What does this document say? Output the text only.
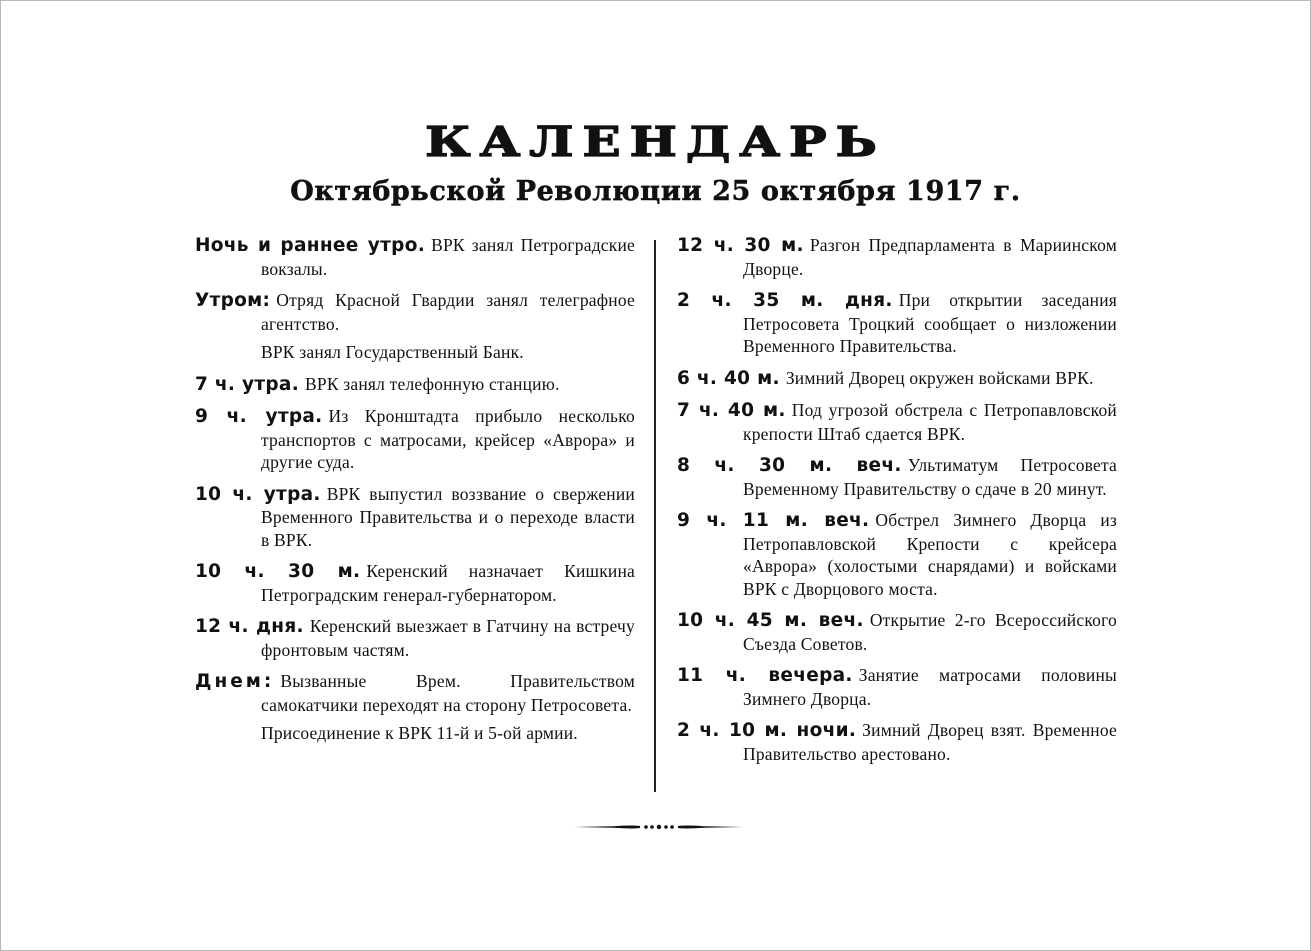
КАЛЕНДАРЬ
Октябрьской Революции 25 октября 1917 г.

Ночь и раннее утро. ВРК занял Петроградские вокзалы.

Утром: Отряд Красной Гвардии занял телеграфное агентство.

ВРК занял Государственный Банк.

7 ч. утра. ВРК занял телефонную станцию.

9 ч. утра. Из Кронштадта прибыло несколько транспортов с матросами, крейсер «Аврора» и другие суда.

10 ч. утра. ВРК выпустил воззвание о свержении Временного Правительства и о переходе власти в ВРК.

10 ч. 30 м. Керенский назначает Кишкина Петроградским генерал-губернатором.

12 ч. дня. Керенский выезжает в Гатчину на встречу фронтовым частям.

Днем: Вызванные Врем. Правительством самокатчики переходят на сторону Петросовета.

Присоединение к ВРК 11-й и 5-ой армии.

12 ч. 30 м. Разгон Предпарламента в Мариинском Дворце.

2 ч. 35 м. дня. При открытии заседания Петросовета Троцкий сообщает о низложении Временного Правительства.

6 ч. 40 м. Зимний Дворец окружен войсками ВРК.

7 ч. 40 м. Под угрозой обстрела с Петропавловской крепости Штаб сдается ВРК.

8 ч. 30 м. веч. Ультиматум Петросовета Временному Правительству о сдаче в 20 минут.

9 ч. 11 м. веч. Обстрел Зимнего Дворца из Петропавловской Крепости с крейсера «Аврора» (холостыми снарядами) и войсками ВРК с Дворцового моста.

10 ч. 45 м. веч. Открытие 2-го Всероссийского Съезда Советов.

11 ч. вечера. Занятие матросами половины Зимнего Дворца.

2 ч. 10 м. ночи. Зимний Дворец взят. Временное Правительство арестовано.
